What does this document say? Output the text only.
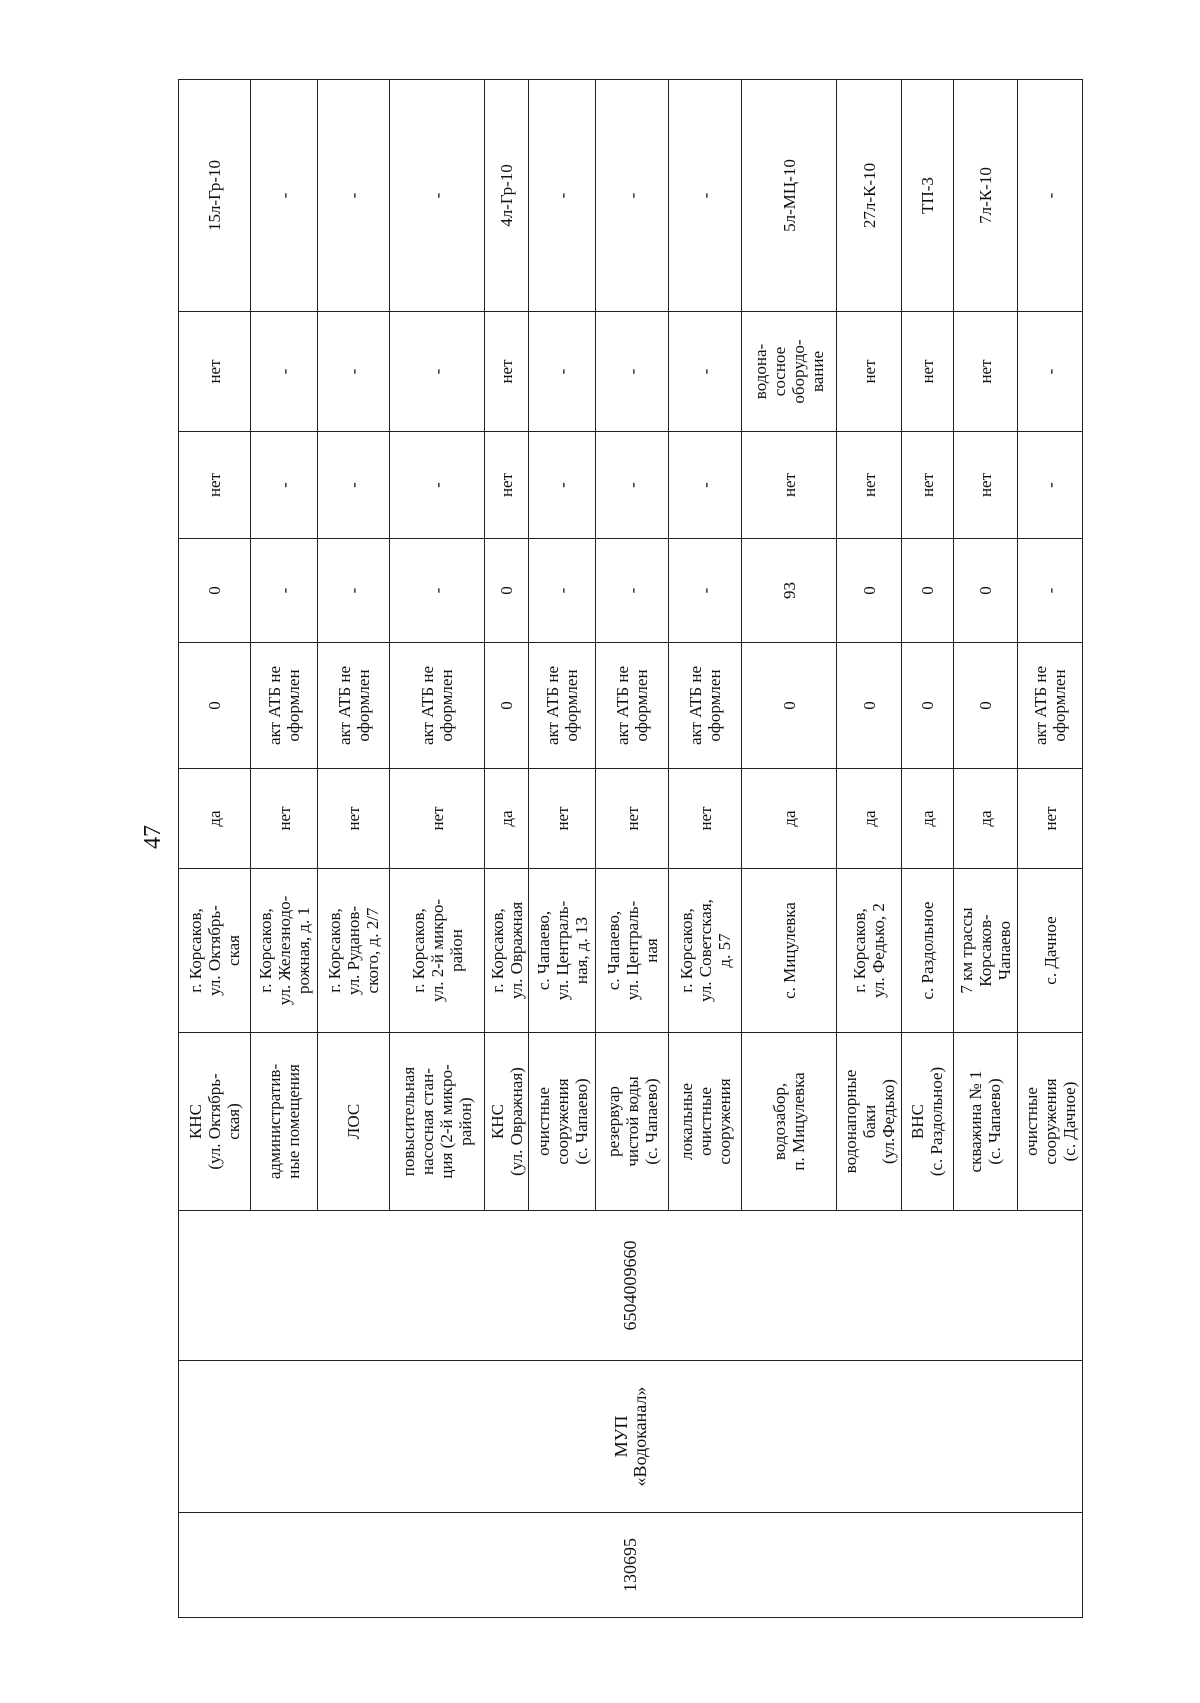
47
130695	МУП
«Водоканал»	6504009660	КНС
(ул. Октябрь-
ская)	г. Корсаков,
ул. Октябрь-
ская	да	0	0	нет	нет	15л-Гр-10
			административ-
ные помещения	г. Корсаков,
ул. Железнодо-
рожная, д. 1	нет	акт АТБ не
оформлен	-	-	-	-
			ЛОС	г. Корсаков,
ул. Руданов-
ского, д. 2/7	нет	акт АТБ не
оформлен	-	-	-	-
			повысительная
насосная стан-
ция (2-й микро-
район)	г. Корсаков,
ул. 2-й микро-
район	нет	акт АТБ не
оформлен	-	-	-	-
			КНС
(ул. Овражная)	г. Корсаков,
ул. Овражная	да	0	0	нет	нет	4л-Гр-10
			очистные
сооружения
(с. Чапаево)	с. Чапаево,
ул. Централь-
ная, д. 13	нет	акт АТБ не
оформлен	-	-	-	-
			резервуар
чистой воды
(с. Чапаево)	с. Чапаево,
ул. Централь-
ная	нет	акт АТБ не
оформлен	-	-	-	-
			локальные
очистные
сооружения	г. Корсаков,
ул. Советская,
д. 57	нет	акт АТБ не
оформлен	-	-	-	-
			водозабор,
п. Мицулевка	с. Мицулевка	да	0	93	нет	водона-
сосное
оборудо-
вание	5л-МЦ-10
			водонапорные
баки
(ул.Федько)	г. Корсаков,
ул. Федько, 2	да	0	0	нет	нет	27л-К-10
			ВНС
(с. Раздольное)	с. Раздольное	да	0	0	нет	нет	ТП-3
			скважина № 1
(с. Чапаево)	7 км трассы
Корсаков-
Чапаево	да	0	0	нет	нет	7л-К-10
			очистные
сооружения
(с. Дачное)	с. Дачное	нет	акт АТБ не
оформлен	-	-	-	-
